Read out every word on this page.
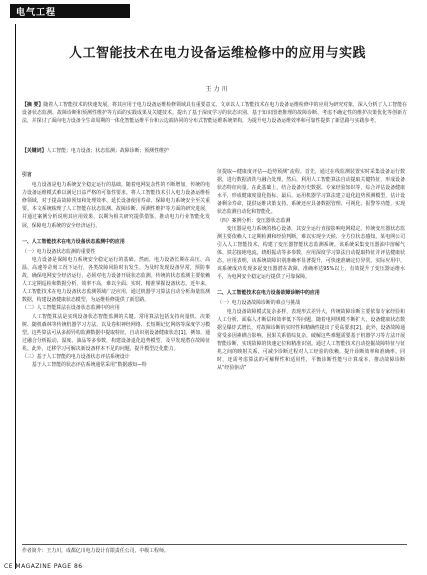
电气工程
人工智能技术在电力设备运维检修中的应用与实践
王力川
【摘 要】随着人工智能技术的快速发展，将其应用于电力设备运维检修领域具有重要意义。文章以人工智能技术在电力设备运维检修中的应用为研究对象，深入分析了人工智能在设备状态监测、故障诊断和预测性维护等方面的实践成果及关键技术。提出了基于深度学习的状态识别、基于知识图谱推理的故障诊断、考虑不确定性的维护决策优化等创新方法，并探讨了面向电力设备全生命周期的一体化智能运维平台和云边端协同的分布式智能运维系统架构，为提升电力设备运维效率和可靠性提供了新思路与实践参考。
【关键词】人工智能；电力设备；状态监测；故障诊断；预测性维护
引言

电力设备是电力系统安全稳定运行的基础。随着电网复杂性的不断增加，传统的电力设备运维模式难以满足日益严格的可靠性要求。将人工智能技术引入电力设备运维检修领域，对于提高故障预知和处理效率、延长设备使用寿命、保障电力系统安全至关重要。本文系统梳理了人工智能在状态监测、故障诊断、预测性维护等方面的研究进展，并通过案例分析说明其应用效果，以期为相关研究提供借鉴，推动电力行业智能化发展，保障电力系统的安全经济运行。

一、人工智能技术在电力设备状态监测中的应用
（一）电力设备状态监测的重要性

电力设备是保障电力系统安全稳定运行的基础。然而，电力设备长期在高压、高温、高速等苛刻工况下运行，各类故障风险时有发生。为及时发现设备异常，预防事故，确保电网安全经济运行，必须对电力设备开展状态监测。传统的状态监测主要依赖人工定期巡检和数据分析，效率不高，难以全面、实时、精准掌握设备状态。近年来，人工智能技术在电力设备状态监测领域广泛应用，通过机器学习算法自动分析海量监测数据，构建设备健康状态模型，为运维检修提供了新思路。

（二）人工智能算法在设备状态监测中的应用

人工智能算法是实现设备状态智能监测的关键。常用算法包括支持向量机、决策树、随机森林等传统机器学习方法，以及卷积神经网络、长短期记忆网络等深度学习模型。这些算法可从多源异构监测数据中提取特征，自动识别设备健康状态[1]。例如，通过融合分析振动、温度、油品等多参数，构建设备退化趋势模型，及早发现潜在故障征兆。此外，迁移学习可解决新设备样本不足的问题，提升模型泛化能力。

（三）基于人工智能的电力设备状态评估系统设计

基于人工智能的状态评估系统通常采用“数据感知—特

征提取—健康度评估—趋势预测”流程。首先，通过在线监测装置实时采集设备运行数据，进行数据清洗与融合处理。然后，利用人工智能算法自动提取关键特征，形成设备状态特征向量。在此基础上，结合设备历史数据、专家经验知识等，综合评估设备健康水平，形成健康度量化指标。最后，运用机器学习算法建立退化趋势预测模型，估计设备剩余寿命，提供运维决策支持。系统还应具备数据管理、可视化、报警等功能，实现状态监测自动化和智能化。

（四）案例分析：变压器状态监测

变压器是电力系统的核心设备，其安全运行直接影响电网稳定。传统变压器状态监测主要依赖人工定期检测和经验判断，难以实现全天候、全方位状态感知。某电网公司引入人工智能技术，构建了变压器智能状态监测系统。该系统采集变压器油中溶解气体、铁芯接地电流、绕组振动等多参数，应用深度学习算法自动提取特征并评估健康状态。应用表明，该系统故障识别准确率显著提升，可快速准确定位异常。实际应用中，该系统成功发现多起变压器潜在故障，准确率达95%以上，有效提升了变压器运维水平，为电网安全稳定运行提供了可靠保障。

二、人工智能技术在电力设备故障诊断中的应用
（一）电力设备故障诊断的难点与挑战

电力设备故障模式复杂多样，表现形式差异大，传统故障诊断主要依靠专家经验和人工分析，面临人才断层和效率低下等问题。随着电网规模不断扩大，设备健康状态数据呈爆炸式增长，对故障诊断的实时性和精确性提出了更高要求[2]。此外，设备故障通常受多因素耦合影响，因果关系错综复杂。破解这些难题需要基于机器学习等方法开展智能诊断，实现故障的快速定位和精准识别。通过人工智能技术自动挖掘故障特征与征兆之间的映射关系，可减少诊断过程对人工经验的依赖，提升诊断效率和准确率。同时，还需考虑算法的可解释性和适用性，平衡诊断性能与计算成本，推动故障诊断从“经验驱动”

作者简介：王力川，成都亿川电力设计有限责任公司，中级工程师。
CE MAGAZINE PAGE 86
